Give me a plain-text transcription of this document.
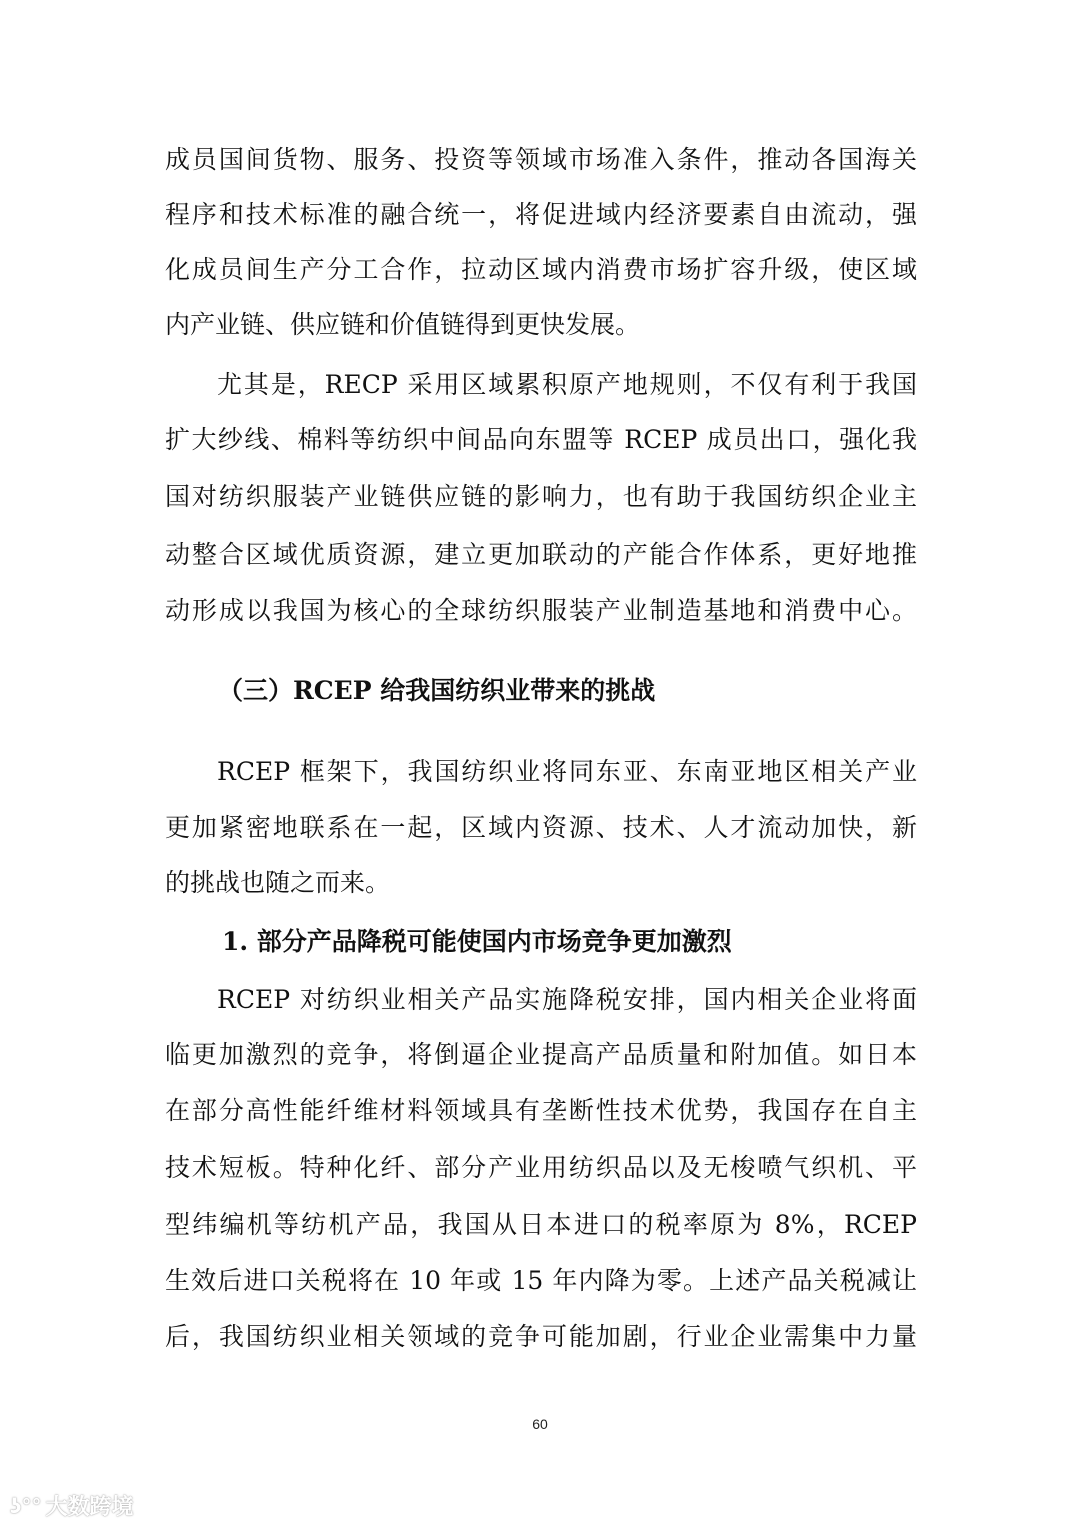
成员国间货物、服务、投资等领域市场准入条件，推动各国海关
程序和技术标准的融合统一，将促进域内经济要素自由流动，强
化成员间生产分工合作，拉动区域内消费市场扩容升级，使区域
内产业链、供应链和价值链得到更快发展。
尤其是，RECP 采用区域累积原产地规则，不仅有利于我国
扩大纱线、棉料等纺织中间品向东盟等 RCEP 成员出口，强化我
国对纺织服装产业链供应链的影响力，也有助于我国纺织企业主
动整合区域优质资源，建立更加联动的产能合作体系，更好地推
动形成以我国为核心的全球纺织服装产业制造基地和消费中心。
（三）RCEP 给我国纺织业带来的挑战
RCEP 框架下，我国纺织业将同东亚、东南亚地区相关产业
更加紧密地联系在一起，区域内资源、技术、人才流动加快，新
的挑战也随之而来。
1. 部分产品降税可能使国内市场竞争更加激烈
RCEP 对纺织业相关产品实施降税安排，国内相关企业将面
临更加激烈的竞争，将倒逼企业提高产品质量和附加值。如日本
在部分高性能纤维材料领域具有垄断性技术优势，我国存在自主
技术短板。特种化纤、部分产业用纺织品以及无梭喷气织机、平
型纬编机等纺机产品，我国从日本进口的税率原为 8%，RCEP
生效后进口关税将在 10 年或 15 年内降为零。上述产品关税减让
后，我国纺织业相关领域的竞争可能加剧，行业企业需集中力量
60
ʖ°° 大数跨境
